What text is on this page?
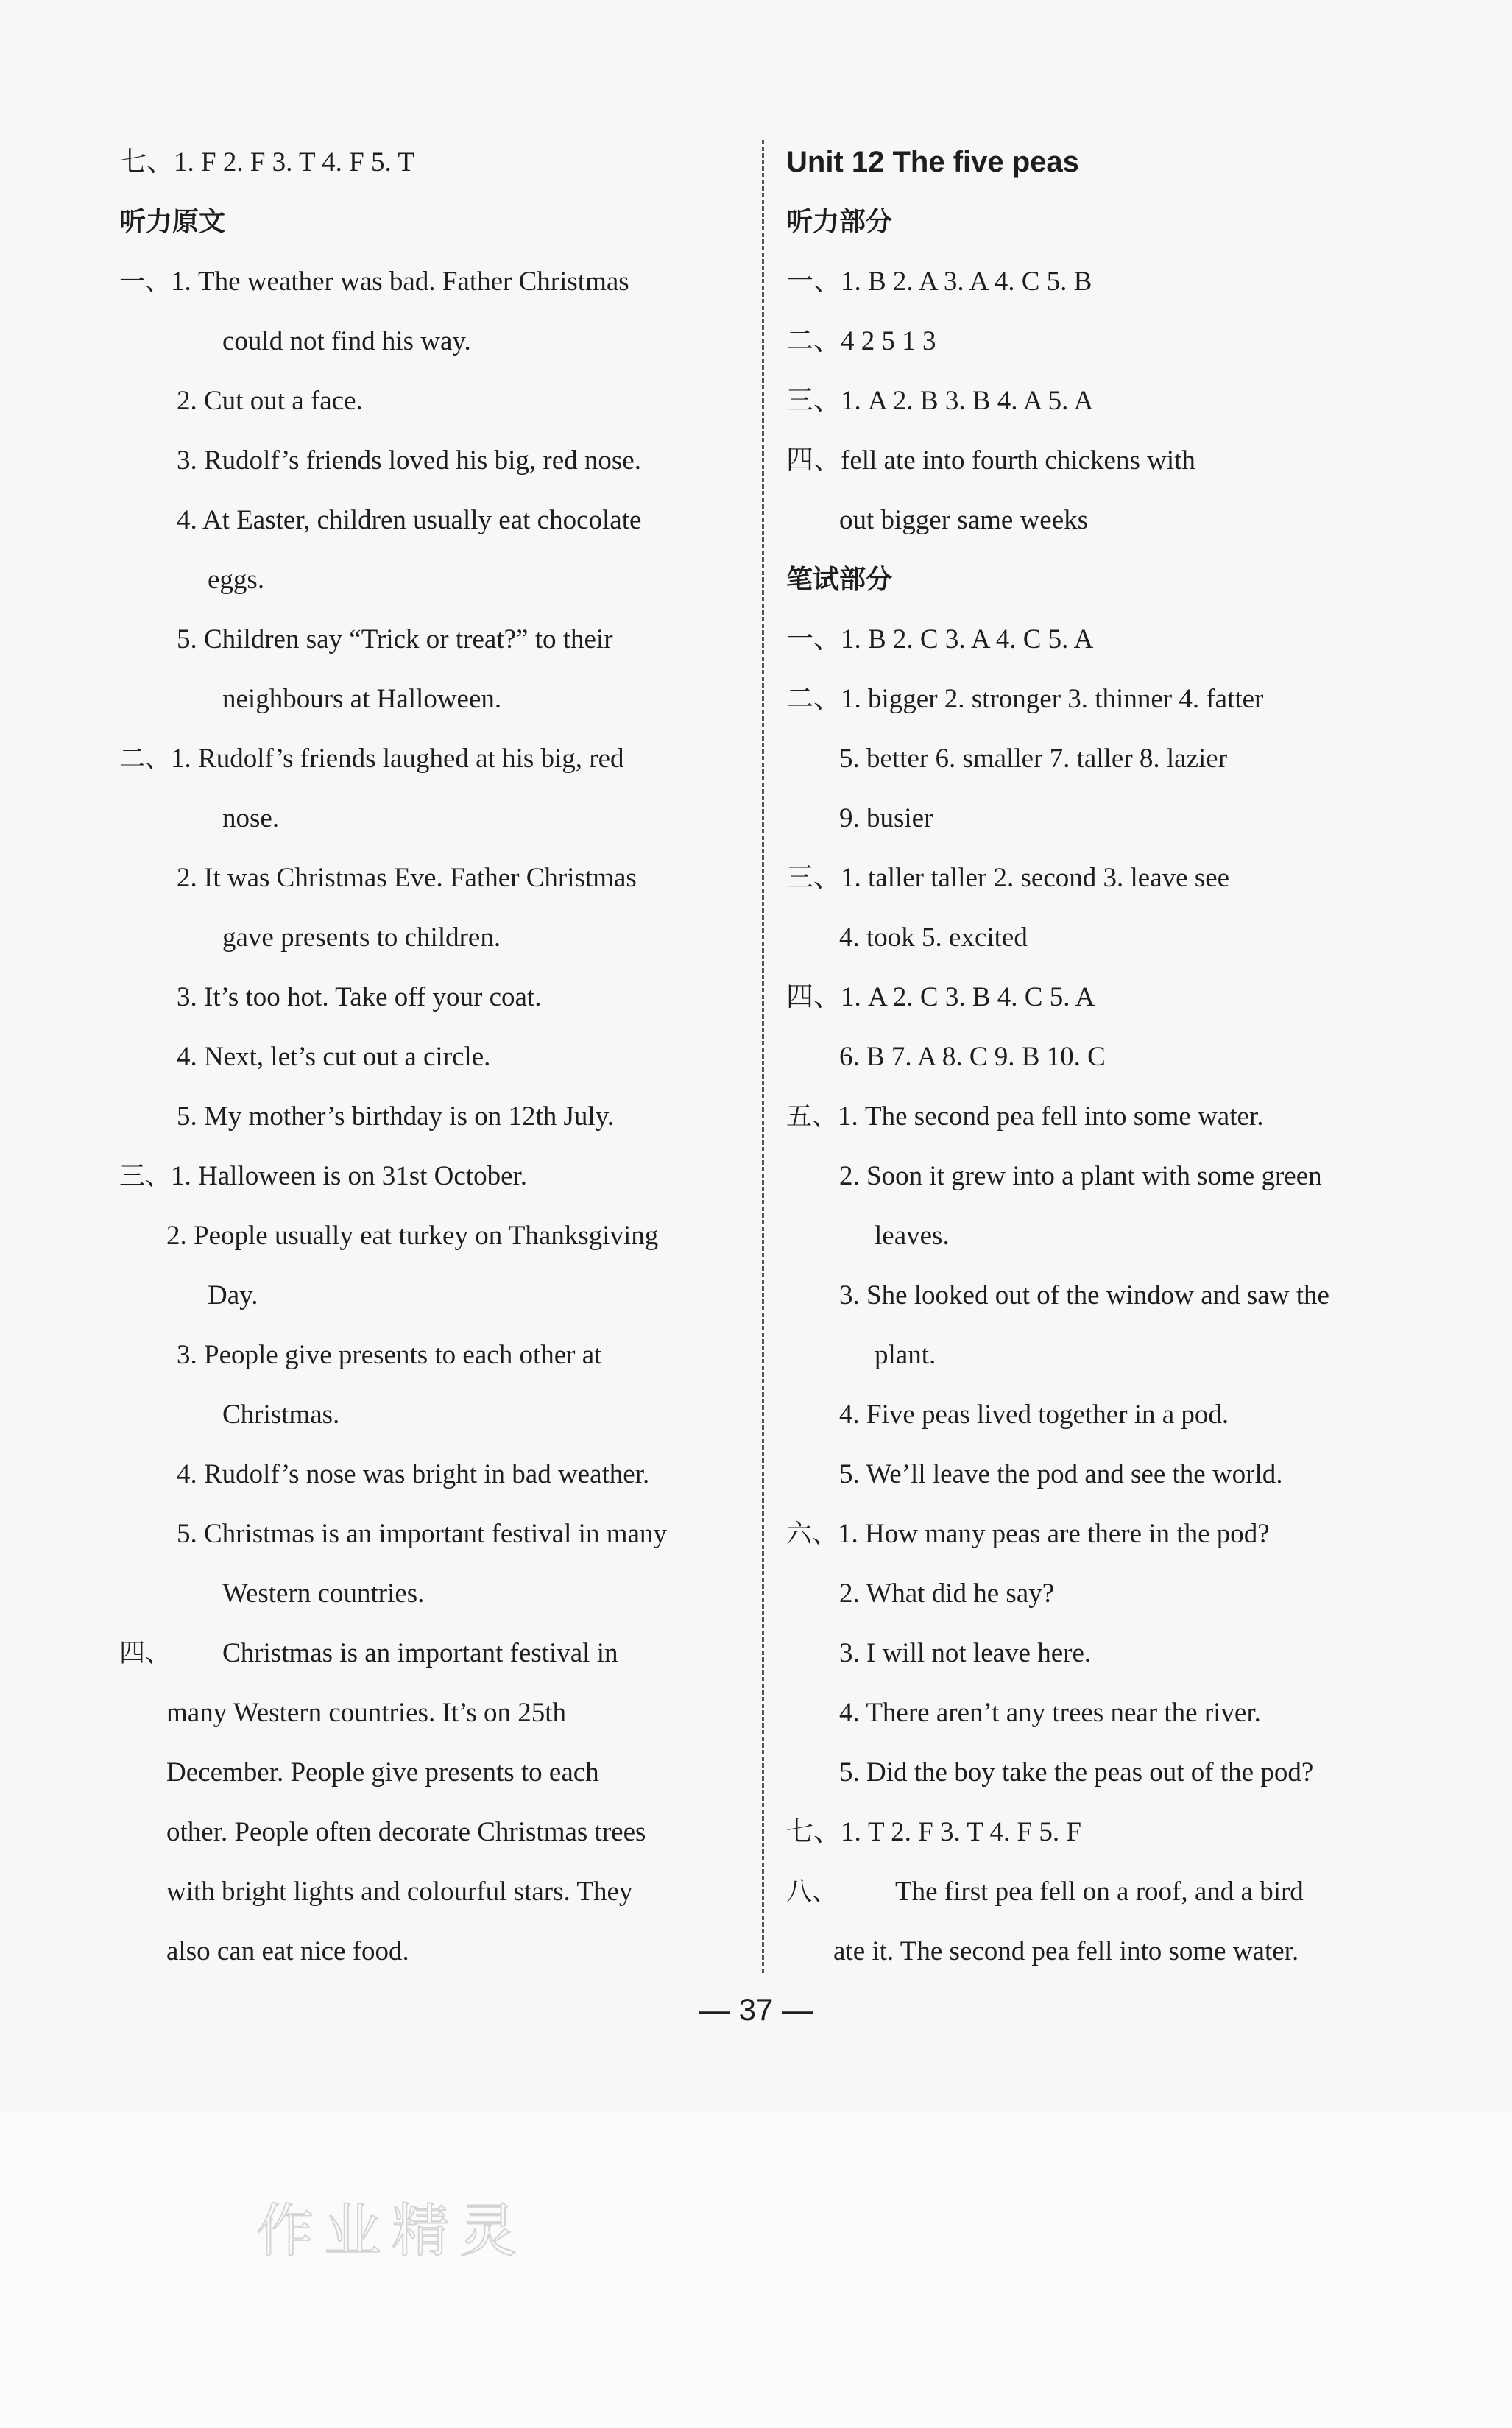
七、1. F 2. F 3. T 4. F 5. T
听力原文
一、1. The weather was bad. Father Christmas
could not find his way.
2. Cut out a face.
3. Rudolf’s friends loved his big, red nose.
4. At Easter, children usually eat chocolate
eggs.
5. Children say “Trick or treat?” to their
neighbours at Halloween.
二、1. Rudolf’s friends laughed at his big, red
nose.
2. It was Christmas Eve. Father Christmas
gave presents to children.
3. It’s too hot. Take off your coat.
4. Next, let’s cut out a circle.
5. My mother’s birthday is on 12th July.
三、1. Halloween is on 31st October.
2. People usually eat turkey on Thanksgiving
Day.
3. People give presents to each other at
Christmas.
4. Rudolf’s nose was bright in bad weather.
5. Christmas is an important festival in many
Western countries.
四、 Christmas is an important festival in
many Western countries. It’s on 25th
December. People give presents to each
other. People often decorate Christmas trees
with bright lights and colourful stars. They
also can eat nice food.
Unit 12 The five peas
听力部分
一、1. B 2. A 3. A 4. C 5. B
二、4 2 5 1 3
三、1. A 2. B 3. B 4. A 5. A
四、fell ate into fourth chickens with
out bigger same weeks
笔试部分
一、1. B 2. C 3. A 4. C 5. A
二、1. bigger 2. stronger 3. thinner 4. fatter
5. better 6. smaller 7. taller 8. lazier
9. busier
三、1. taller taller 2. second 3. leave see
4. took 5. excited
四、1. A 2. C 3. B 4. C 5. A
6. B 7. A 8. C 9. B 10. C
五、1. The second pea fell into some water.
2. Soon it grew into a plant with some green
leaves.
3. She looked out of the window and saw the
plant.
4. Five peas lived together in a pod.
5. We’ll leave the pod and see the world.
六、1. How many peas are there in the pod?
2. What did he say?
3. I will not leave here.
4. There aren’t any trees near the river.
5. Did the boy take the peas out of the pod?
七、1. T 2. F 3. T 4. F 5. F
八、 The first pea fell on a roof, and a bird
ate it. The second pea fell into some water.
— 37 —
作业精灵
